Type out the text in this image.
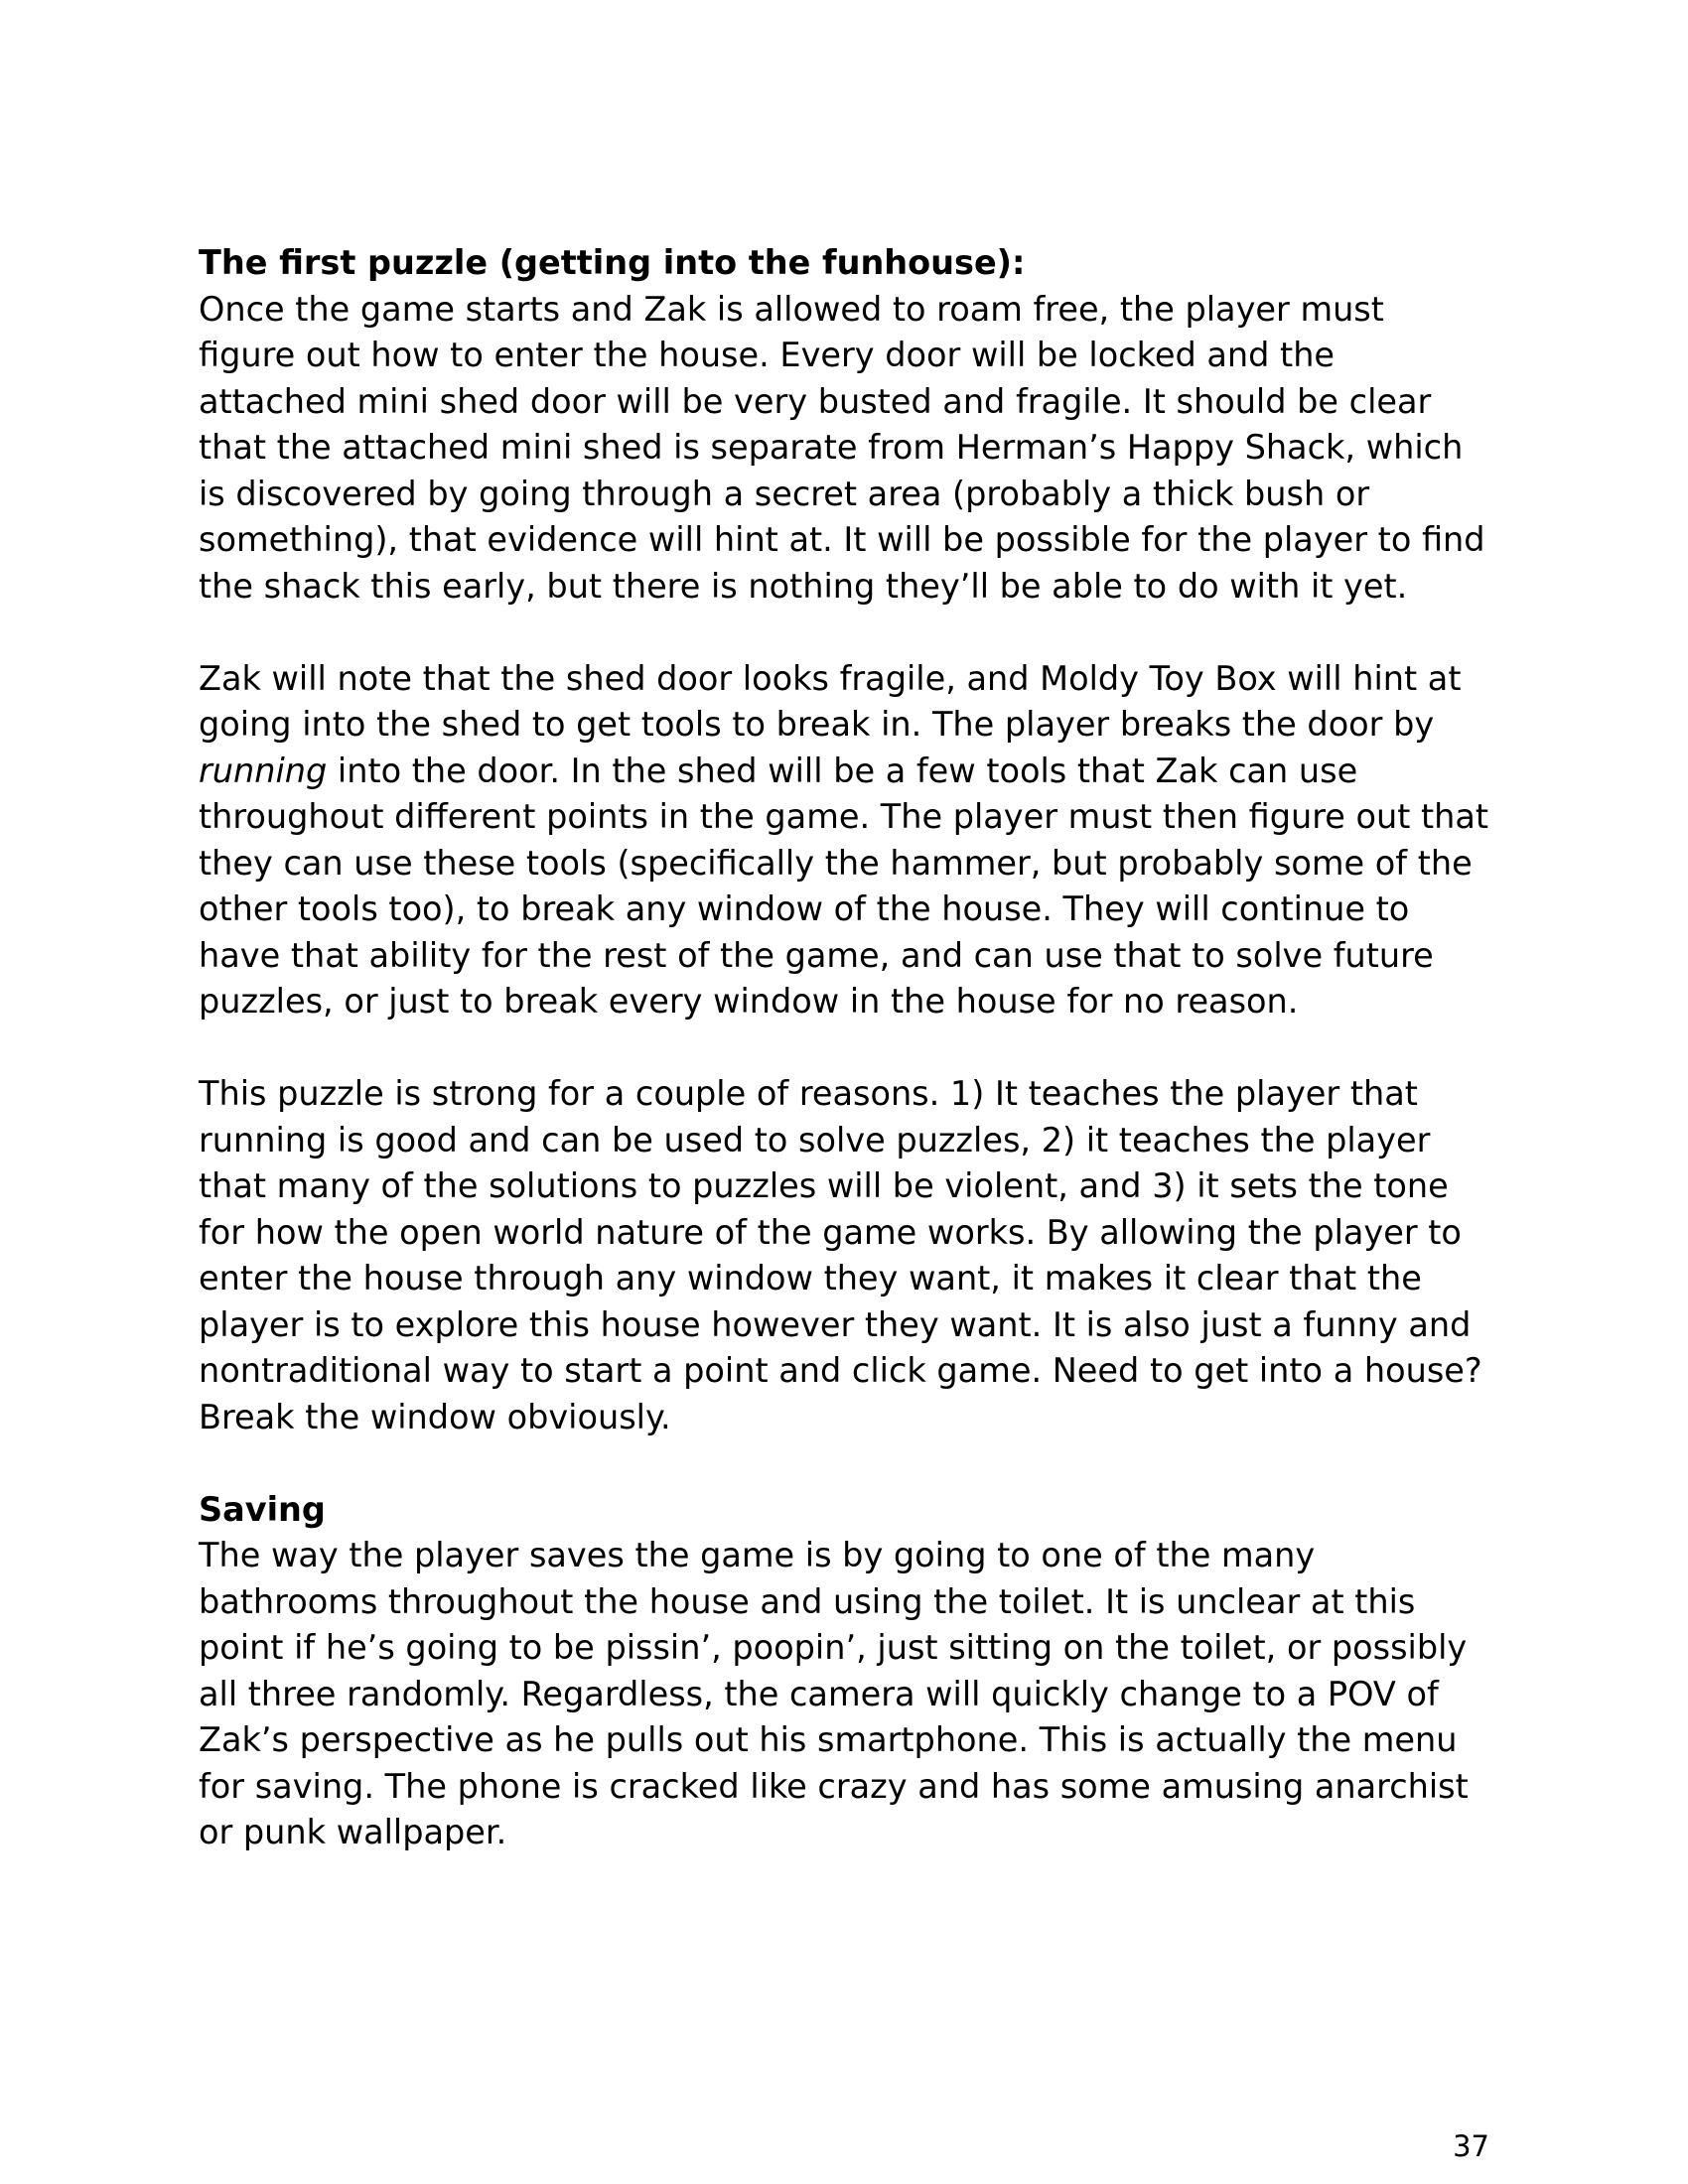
The first puzzle (getting into the funhouse):

Once the game starts and Zak is allowed to roam free, the player must figure out how to enter the house. Every door will be locked and the attached mini shed door will be very busted and fragile. It should be clear that the attached mini shed is separate from Herman’s Happy Shack, which is discovered by going through a secret area (probably a thick bush or something), that evidence will hint at. It will be possible for the player to find the shack this early, but there is nothing they’ll be able to do with it yet.

Zak will note that the shed door looks fragile, and Moldy Toy Box will hint at going into the shed to get tools to break in. The player breaks the door by running into the door. In the shed will be a few tools that Zak can use throughout different points in the game. The player must then figure out that they can use these tools (specifically the hammer, but probably some of the other tools too), to break any window of the house. They will continue to have that ability for the rest of the game, and can use that to solve future puzzles, or just to break every window in the house for no reason.

This puzzle is strong for a couple of reasons. 1) It teaches the player that running is good and can be used to solve puzzles, 2) it teaches the player that many of the solutions to puzzles will be violent, and 3) it sets the tone for how the open world nature of the game works. By allowing the player to enter the house through any window they want, it makes it clear that the player is to explore this house however they want. It is also just a funny and nontraditional way to start a point and click game. Need to get into a house? Break the window obviously.

Saving

The way the player saves the game is by going to one of the many bathrooms throughout the house and using the toilet. It is unclear at this point if he’s going to be pissin’, poopin’, just sitting on the toilet, or possibly all three randomly. Regardless, the camera will quickly change to a POV of Zak’s perspective as he pulls out his smartphone. This is actually the menu for saving. The phone is cracked like crazy and has some amusing anarchist or punk wallpaper.

37
